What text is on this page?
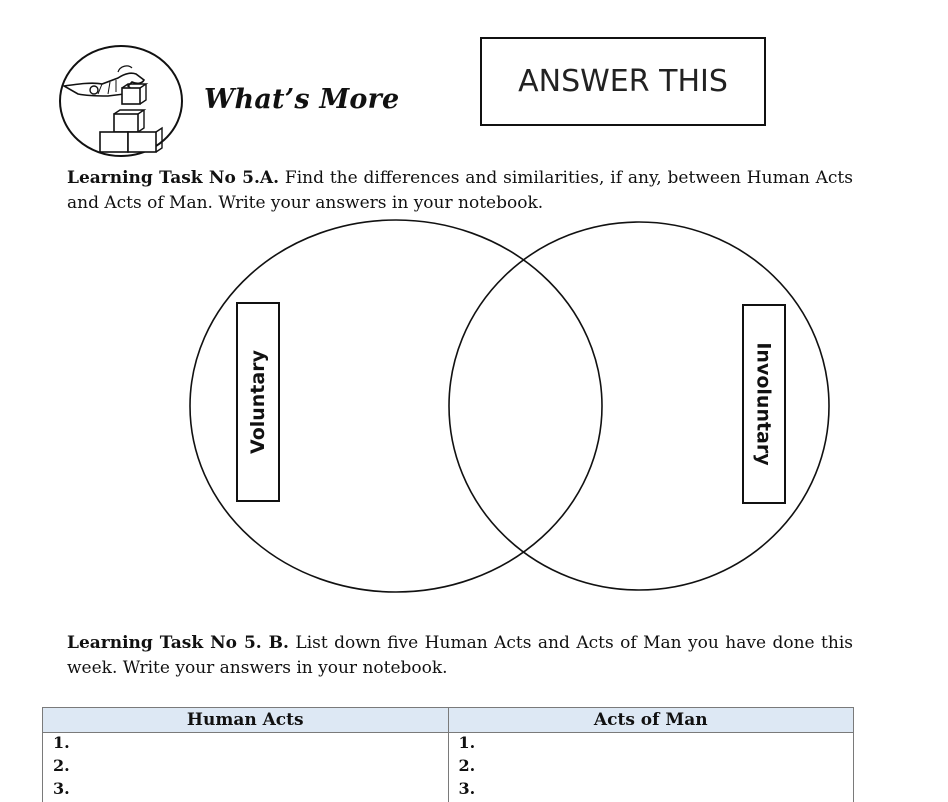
What’s More
ANSWER THIS
Learning Task No 5.A. Find the differences and similarities, if any, between Human Acts and Acts of Man. Write your answers in your notebook.
Voluntary	Involuntary
Learning Task No 5. B. List down five Human Acts and Acts of Man you have done this week. Write your answers in your notebook.
Human Acts	Acts of Man
1.	1.
2.	2.
3.	3.
